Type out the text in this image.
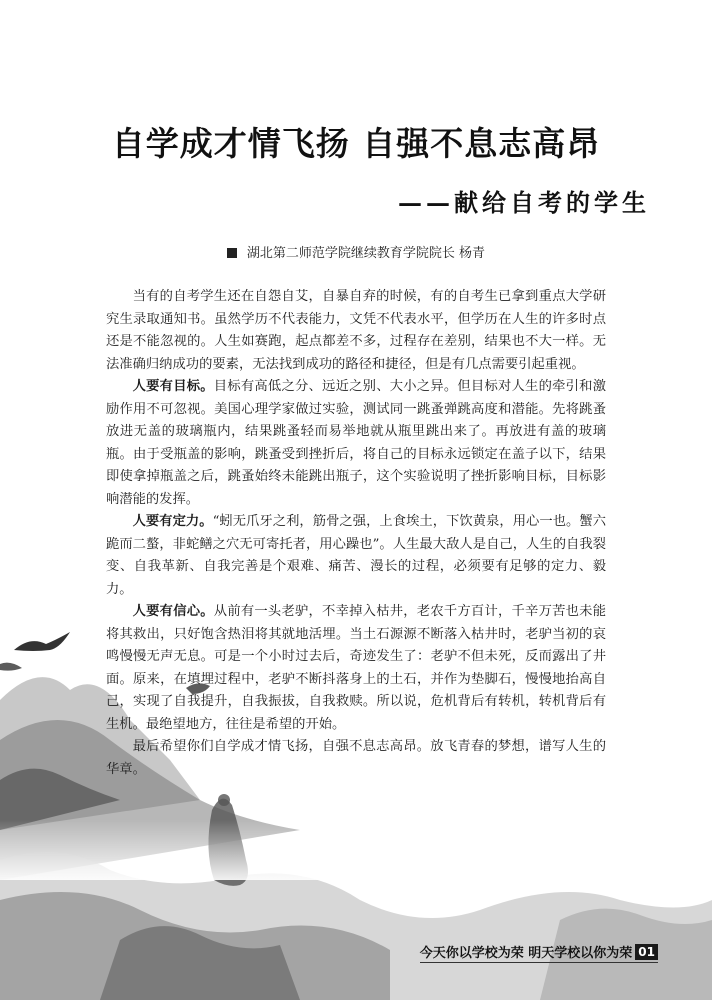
自学成才情飞扬 自强不息志高昂
——献给自考的学生
湖北第二师范学院继续教育学院院长 杨青

当有的自考学生还在自怨自艾，自暴自弃的时候，有的自考生已拿到重点大学研究生录取通知书。虽然学历不代表能力，文凭不代表水平，但学历在人生的许多时点还是不能忽视的。人生如赛跑，起点都差不多，过程存在差别，结果也不大一样。无法准确归纳成功的要素，无法找到成功的路径和捷径，但是有几点需要引起重视。

人要有目标。目标有高低之分、远近之别、大小之异。但目标对人生的牵引和激励作用不可忽视。美国心理学家做过实验，测试同一跳蚤弹跳高度和潜能。先将跳蚤放进无盖的玻璃瓶内，结果跳蚤轻而易举地就从瓶里跳出来了。再放进有盖的玻璃瓶。由于受瓶盖的影响，跳蚤受到挫折后，将自己的目标永远锁定在盖子以下，结果即使拿掉瓶盖之后，跳蚤始终未能跳出瓶子，这个实验说明了挫折影响目标，目标影响潜能的发挥。

人要有定力。“蚓无爪牙之利，筋骨之强，上食埃土，下饮黄泉，用心一也。蟹六跪而二螯，非蛇鳝之穴无可寄托者，用心躁也”。人生最大敌人是自己，人生的自我裂变、自我革新、自我完善是个艰难、痛苦、漫长的过程，必须要有足够的定力、毅力。

人要有信心。从前有一头老驴，不幸掉入枯井，老农千方百计，千辛万苦也未能将其救出，只好饱含热泪将其就地活埋。当土石源源不断落入枯井时，老驴当初的哀鸣慢慢无声无息。可是一个小时过去后，奇迹发生了：老驴不但未死，反而露出了井面。原来，在填埋过程中，老驴不断抖落身上的土石，并作为垫脚石，慢慢地抬高自己，实现了自我提升，自我振拔，自我救赎。所以说，危机背后有转机，转机背后有生机。最绝望地方，往往是希望的开始。

最后希望你们自学成才情飞扬，自强不息志高昂。放飞青春的梦想，谱写人生的华章。

今天你以学校为荣 明天学校以你为荣 01
